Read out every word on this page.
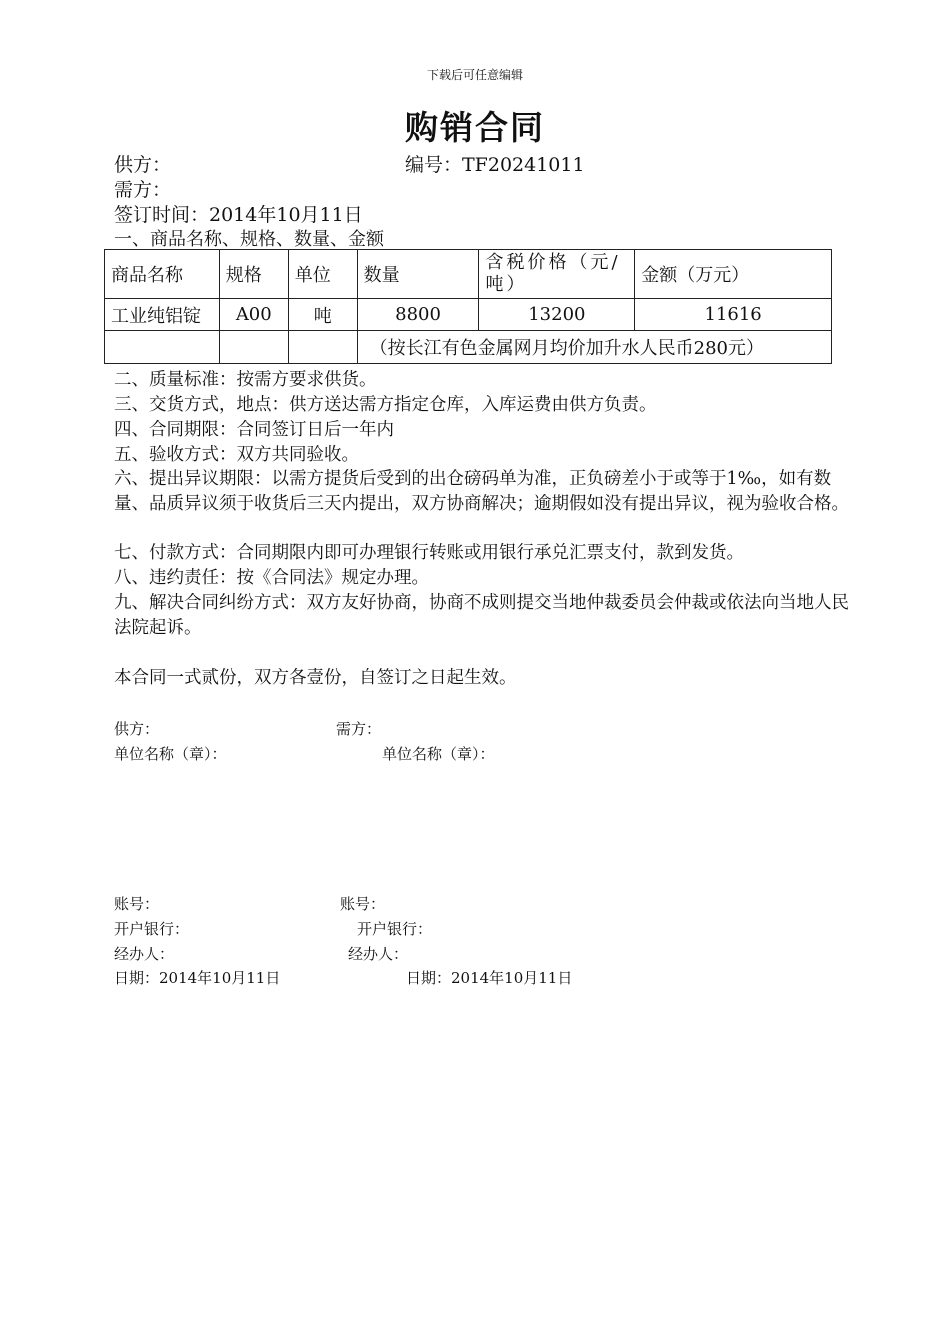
下载后可任意编辑
购销合同
供方：	编号：TF20241011
需方：
签订时间：2014年10月11日
一、商品名称、规格、数量、金额
商品名称	规格	单位	数量	含税价格（元/吨）	金额（万元）
工业纯铝锭	A00	吨	8800	13200	11616
			（按长江有色金属网月均价加升水人民币280元）		
二、质量标准：按需方要求供货。
三、交货方式，地点：供方送达需方指定仓库，入库运费由供方负责。
四、合同期限：合同签订日后一年内
五、验收方式：双方共同验收。
六、提出异议期限：以需方提货后受到的出仓磅码单为准，正负磅差小于或等于1‰，如有数量、品质异议须于收货后三天内提出，双方协商解决；逾期假如没有提出异议，视为验收合格。
七、付款方式：合同期限内即可办理银行转账或用银行承兑汇票支付，款到发货。
八、违约责任：按《合同法》规定办理。
九、解决合同纠纷方式：双方友好协商，协商不成则提交当地仲裁委员会仲裁或依法向当地人民法院起诉。
本合同一式贰份，双方各壹份，自签订之日起生效。
供方：	需方：
单位名称（章）：	单位名称（章）：
账号：	账号：
开户银行：	开户银行：
经办人：	经办人：
日期：2014年10月11日	日期：2014年10月11日
